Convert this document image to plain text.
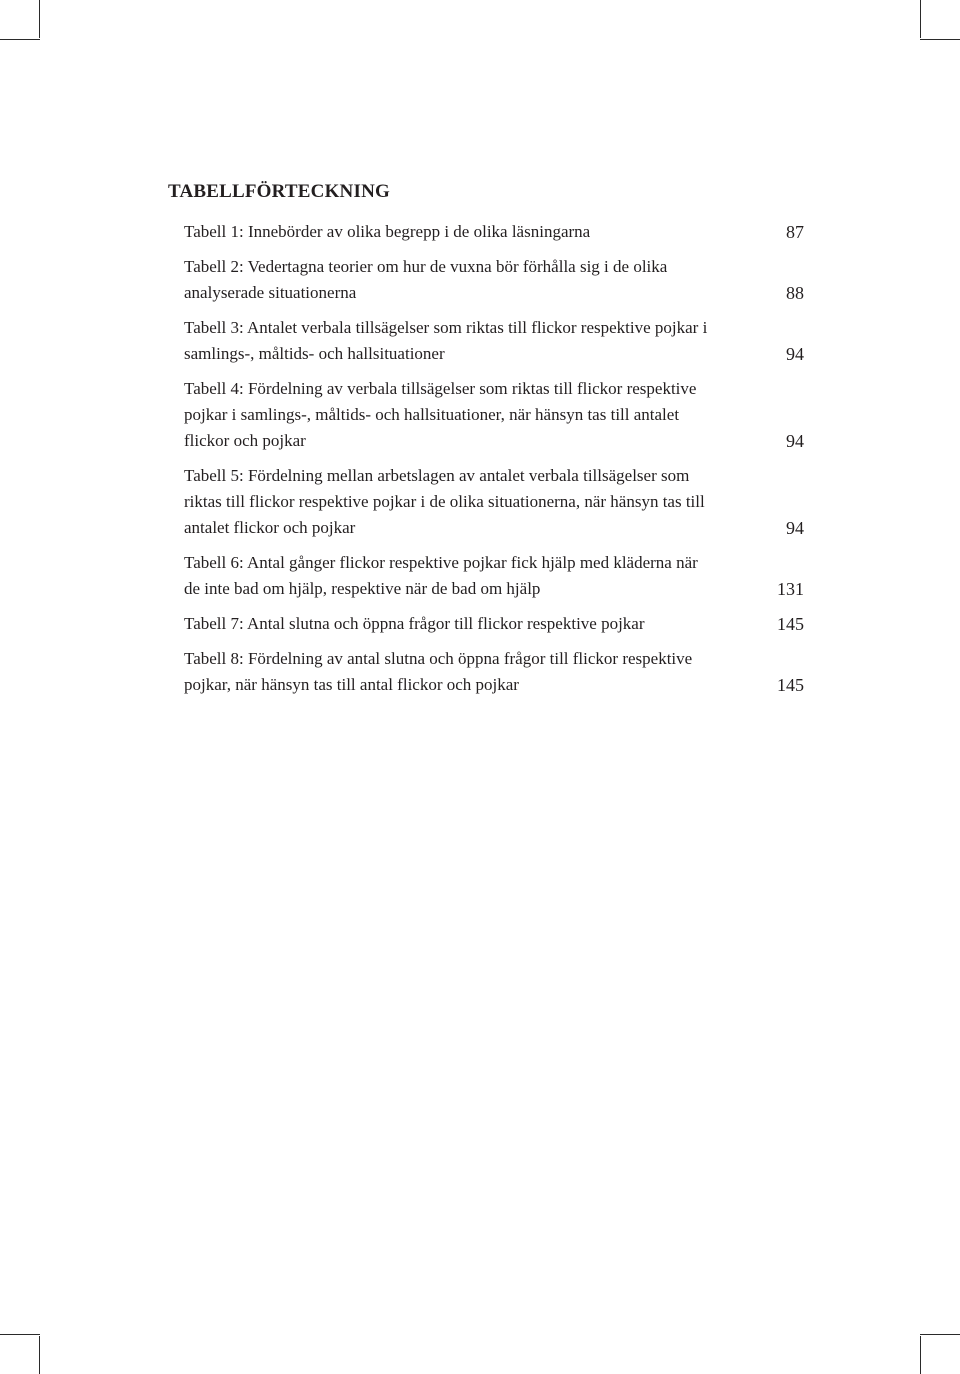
TABELLFÖRTECKNING
Tabell 1: Innebörder av olika begrepp i de olika läsningarna	87
Tabell 2: Vedertagna teorier om hur de vuxna bör förhålla sig i de olika
analyserade situationerna	88
Tabell 3: Antalet verbala tillsägelser som riktas till flickor respektive pojkar i
samlings-, måltids- och hallsituationer	94
Tabell 4: Fördelning av verbala tillsägelser som riktas till flickor respektive
pojkar i samlings-, måltids- och hallsituationer, när hänsyn tas till antalet
flickor och pojkar	94
Tabell 5: Fördelning mellan arbetslagen av antalet verbala tillsägelser som
riktas till flickor respektive pojkar i de olika situationerna, när hänsyn tas till
antalet flickor och pojkar	94
Tabell 6: Antal gånger flickor respektive pojkar fick hjälp med kläderna när
de inte bad om hjälp, respektive när de bad om hjälp	131
Tabell 7: Antal slutna och öppna frågor till flickor respektive pojkar	145
Tabell 8: Fördelning av antal slutna och öppna frågor till flickor respektive
pojkar, när hänsyn tas till antal flickor och pojkar	145
